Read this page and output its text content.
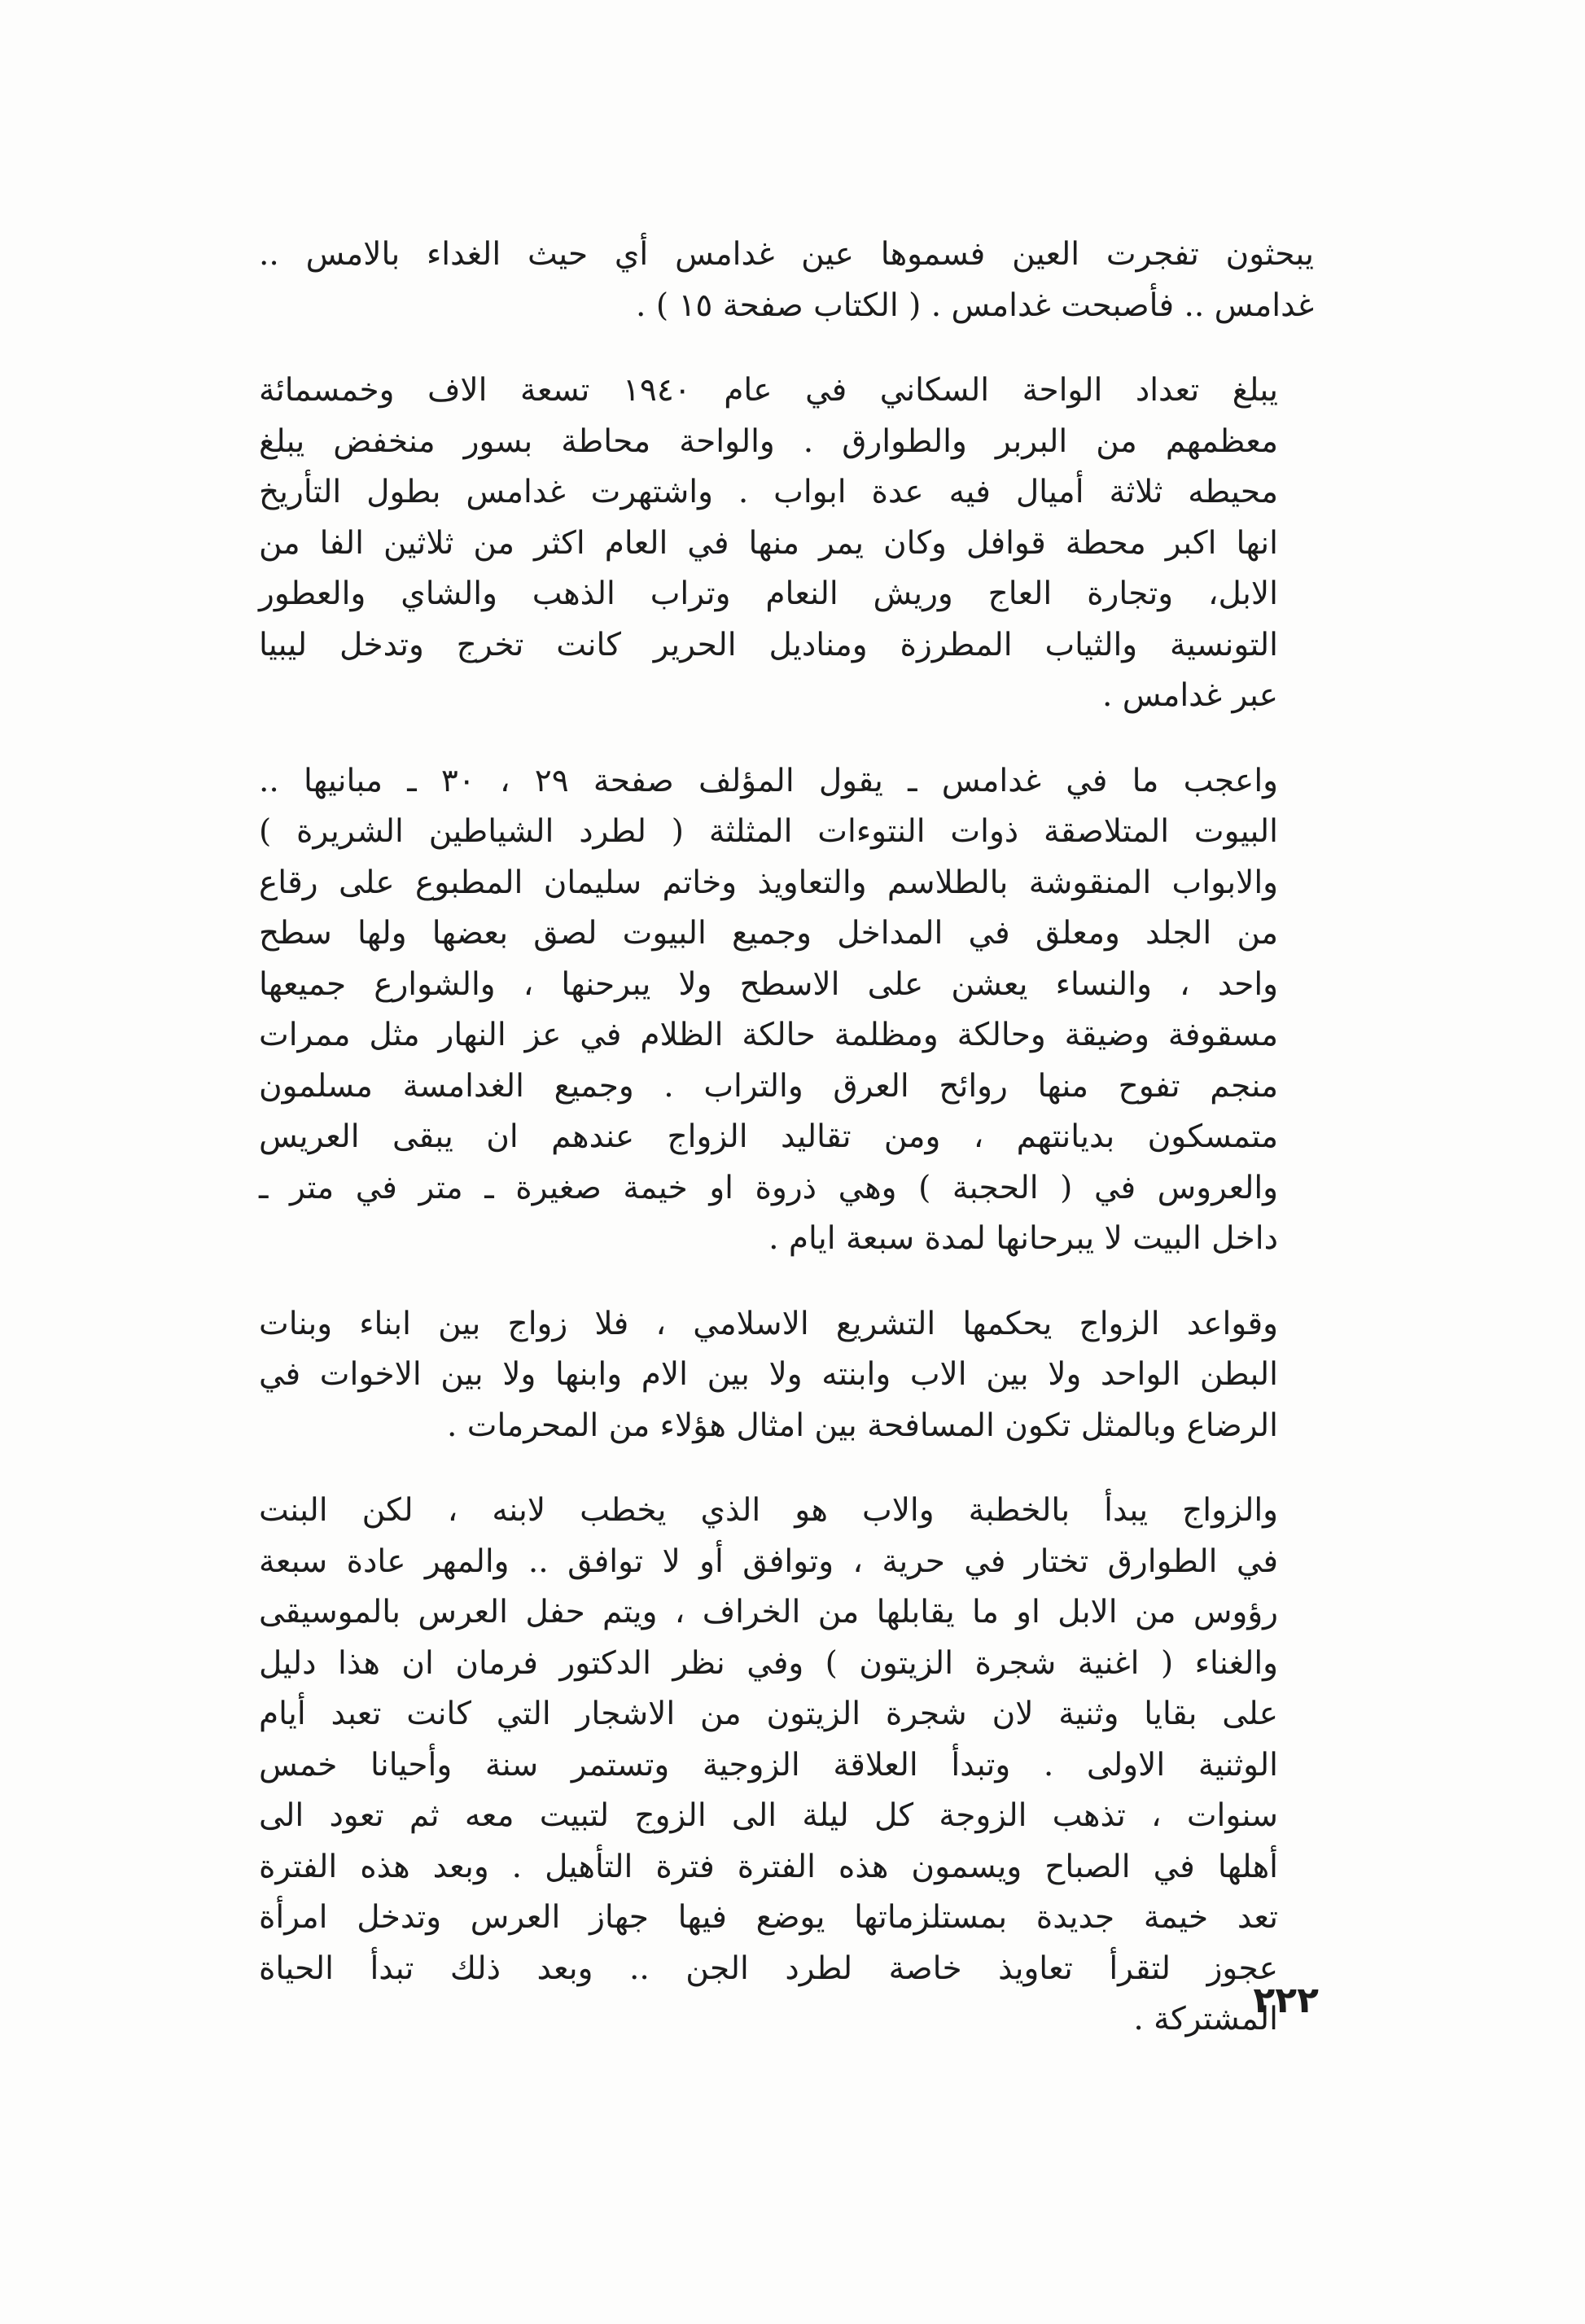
يبحثون تفجرت العين فسموها عين غدامس أي حيث الغداء بالامس ..
غدامس .. فأصبحت غدامس . ( الكتاب صفحة ١٥ ) .

يبلغ تعداد الواحة السكاني في عام ١٩٤٠ تسعة الاف وخمسمائة
معظمهم من البربر والطوارق . والواحة محاطة بسور منخفض يبلغ
محيطه ثلاثة أميال فيه عدة ابواب . واشتهرت غدامس بطول التأريخ
انها اكبر محطة قوافل وكان يمر منها في العام اكثر من ثلاثين الفا من
الابل، وتجارة العاج وريش النعام وتراب الذهب والشاي والعطور
التونسية والثياب المطرزة ومناديل الحرير كانت تخرج وتدخل ليبيا
عبر غدامس .

واعجب ما في غدامس ـ يقول المؤلف صفحة ٢٩ ، ٣٠ ـ مبانيها ..
البيوت المتلاصقة ذوات النتوءات المثلثة ( لطرد الشياطين الشريرة )
والابواب المنقوشة بالطلاسم والتعاويذ وخاتم سليمان المطبوع على رقاع
من الجلد ومعلق في المداخل وجميع البيوت لصق بعضها ولها سطح
واحد ، والنساء يعشن على الاسطح ولا يبرحنها ، والشوارع جميعها
مسقوفة وضيقة وحالكة ومظلمة حالكة الظلام في عز النهار مثل ممرات
منجم تفوح منها روائح العرق والتراب . وجميع الغدامسة مسلمون
متمسكون بديانتهم ، ومن تقاليد الزواج عندهم ان يبقى العريس
والعروس في ( الحجبة ) وهي ذروة او خيمة صغيرة ـ متر في متر ـ
داخل البيت لا يبرحانها لمدة سبعة ايام .

وقواعد الزواج يحكمها التشريع الاسلامي ، فلا زواج بين ابناء وبنات
البطن الواحد ولا بين الاب وابنته ولا بين الام وابنها ولا بين الاخوات في
الرضاع وبالمثل تكون المسافحة بين امثال هؤلاء من المحرمات .

والزواج يبدأ بالخطبة والاب هو الذي يخطب لابنه ، لكن البنت
في الطوارق تختار في حرية ، وتوافق أو لا توافق .. والمهر عادة سبعة
رؤوس من الابل او ما يقابلها من الخراف ، ويتم حفل العرس بالموسيقى
والغناء ( اغنية شجرة الزيتون ) وفي نظر الدكتور فرمان ان هذا دليل
على بقايا وثنية لان شجرة الزيتون من الاشجار التي كانت تعبد أيام
الوثنية الاولى . وتبدأ العلاقة الزوجية وتستمر سنة وأحيانا خمس
سنوات ، تذهب الزوجة كل ليلة الى الزوج لتبيت معه ثم تعود الى
أهلها في الصباح ويسمون هذه الفترة فترة التأهيل . وبعد هذه الفترة
تعد خيمة جديدة بمستلزماتها يوضع فيها جهاز العرس وتدخل امرأة
عجوز لتقرأ تعاويذ خاصة لطرد الجن .. وبعد ذلك تبدأ الحياة
المشتركة .

٢٢٢
